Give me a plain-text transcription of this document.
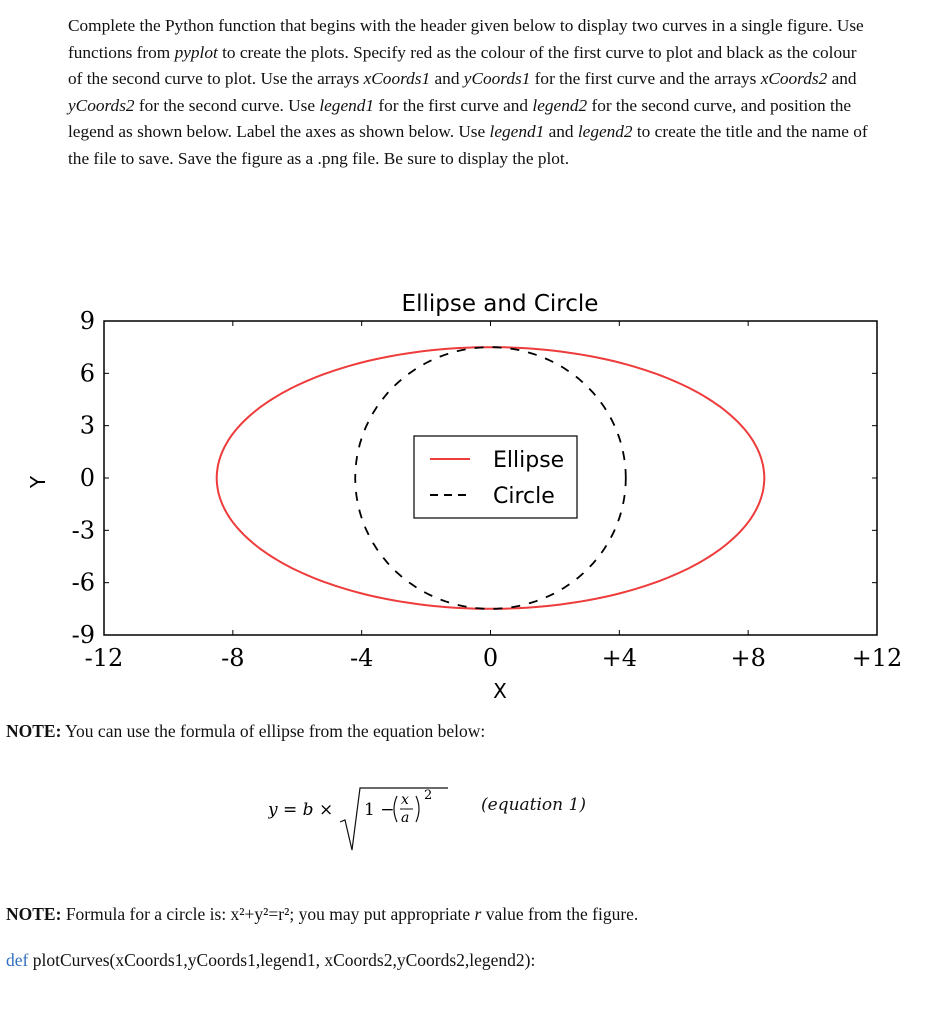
Complete the Python function that begins with the header given below to display two curves in a single figure. Use functions from pyplot to create the plots. Specify red as the colour of the first curve to plot and black as the colour of the second curve to plot. Use the arrays xCoords1 and yCoords1 for the first curve and the arrays xCoords2 and yCoords2 for the second curve. Use legend1 for the first curve and legend2 for the second curve, and position the legend as shown below. Label the axes as shown below. Use legend1 and legend2 to create the title and the name of the file to save. Save the figure as a .png file. Be sure to display the plot.
Ellipse and Circle
-12	-8	-4	0	+4	+8	+12
9
6
3
0
-3
-6
-9
Ellipse
Circle
X
Y
NOTE: You can use the formula of ellipse from the equation below:
y = b × 1 − x
a
2	(equation 1)
NOTE: Formula for a circle is: x²+y²=r²; you may put appropriate r value from the figure.
def plotCurves(xCoords1,yCoords1,legend1, xCoords2,yCoords2,legend2):
